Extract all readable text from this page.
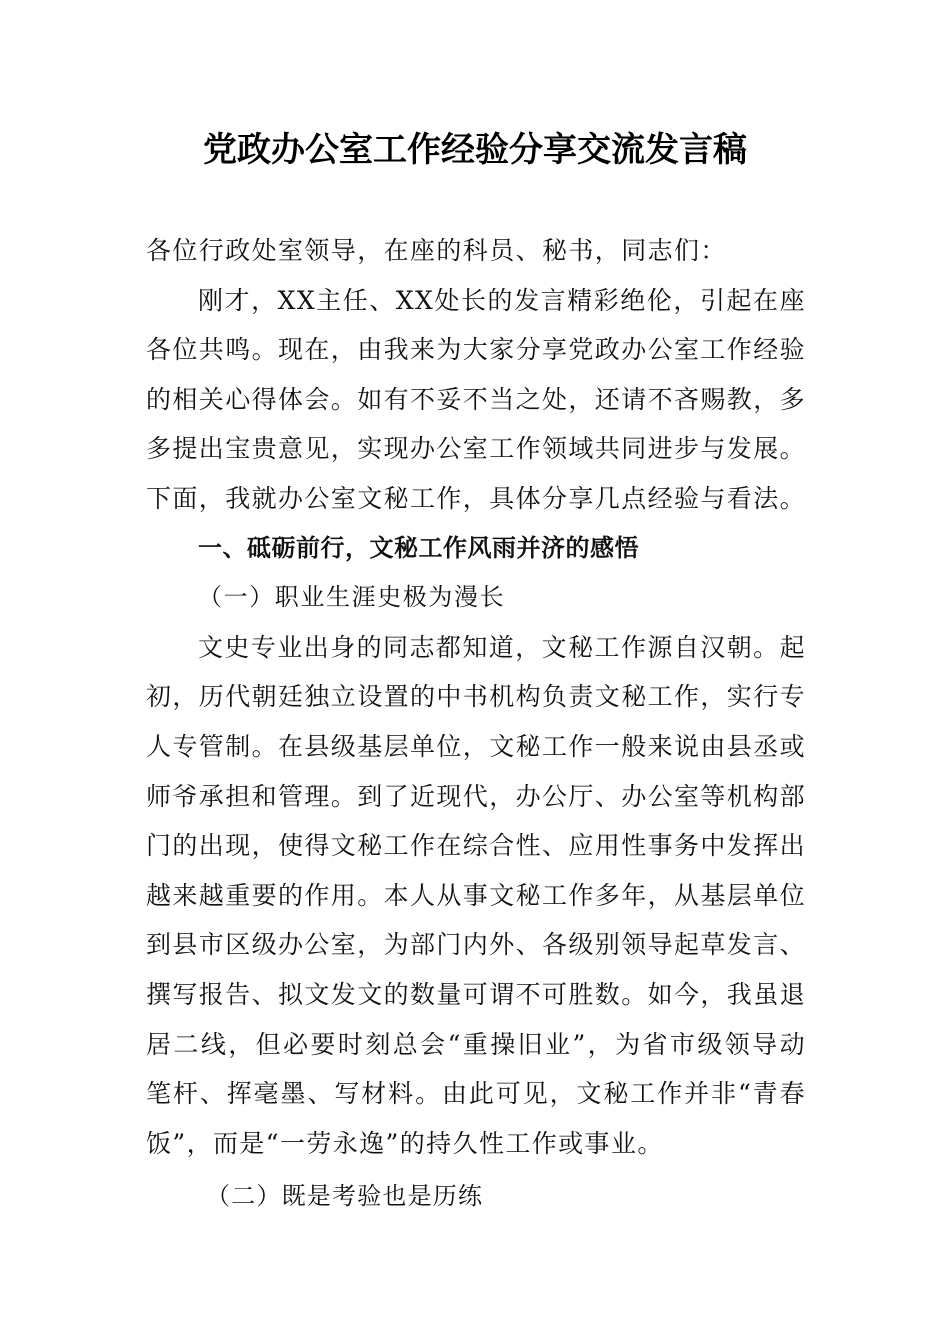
党政办公室工作经验分享交流发言稿

各位行政处室领导，在座的科员、秘书，同志们：

刚才，XX主任、XX处长的发言精彩绝伦，引起在座各位共鸣。现在，由我来为大家分享党政办公室工作经验的相关心得体会。如有不妥不当之处，还请不吝赐教，多多提出宝贵意见，实现办公室工作领域共同进步与发展。下面，我就办公室文秘工作，具体分享几点经验与看法。

一、砥砺前行，文秘工作风雨并济的感悟

（一）职业生涯史极为漫长

文史专业出身的同志都知道，文秘工作源自汉朝。起初，历代朝廷独立设置的中书机构负责文秘工作，实行专人专管制。在县级基层单位，文秘工作一般来说由县丞或师爷承担和管理。到了近现代，办公厅、办公室等机构部门的出现，使得文秘工作在综合性、应用性事务中发挥出越来越重要的作用。本人从事文秘工作多年，从基层单位到县市区级办公室，为部门内外、各级别领导起草发言、撰写报告、拟文发文的数量可谓不可胜数。如今，我虽退居二线，但必要时刻总会“重操旧业”，为省市级领导动笔杆、挥毫墨、写材料。由此可见，文秘工作并非“青春饭”，而是“一劳永逸”的持久性工作或事业。

（二）既是考验也是历练
